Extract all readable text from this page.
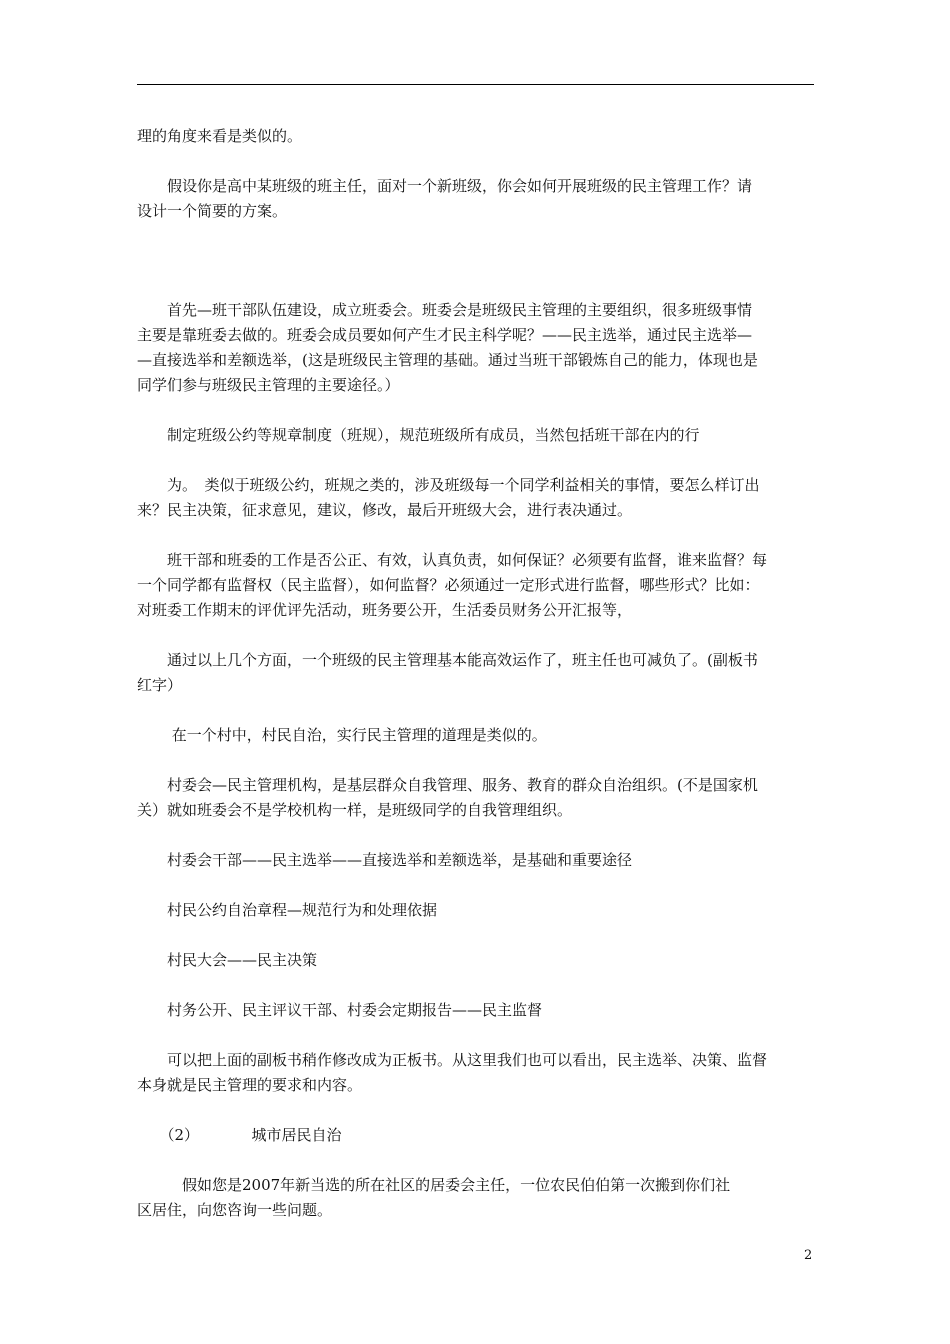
理的角度来看是类似的。

　　假设你是高中某班级的班主任，面对一个新班级，你会如何开展班级的民主管理工作？请

设计一个简要的方案。

　　首先—班干部队伍建设，成立班委会。班委会是班级民主管理的主要组织，很多班级事情

主要是靠班委去做的。班委会成员要如何产生才民主科学呢？——民主选举，通过民主选举—

—直接选举和差额选举，(这是班级民主管理的基础。通过当班干部锻炼自己的能力，体现也是

同学们参与班级民主管理的主要途径。）

　　制定班级公约等规章制度（班规），规范班级所有成员，当然包括班干部在内的行

　　为。　类似于班级公约，班规之类的，涉及班级每一个同学利益相关的事情，要怎么样订出

来？民主决策，征求意见，建议，修改，最后开班级大会，进行表决通过。

　　班干部和班委的工作是否公正、有效，认真负责，如何保证？必须要有监督，谁来监督？每

一个同学都有监督权（民主监督），如何监督？必须通过一定形式进行监督，哪些形式？比如：

对班委工作期末的评优评先活动，班务要公开，生活委员财务公开汇报等，

　　通过以上几个方面，一个班级的民主管理基本能高效运作了，班主任也可减负了。(副板书

红字）

　　 在一个村中，村民自治，实行民主管理的道理是类似的。

　　村委会—民主管理机构，是基层群众自我管理、服务、教育的群众自治组织。(不是国家机

关）就如班委会不是学校机构一样，是班级同学的自我管理组织。

　　村委会干部——民主选举——直接选举和差额选举，是基础和重要途径

　　村民公约自治章程—规范行为和处理依据

　　村民大会——民主决策

　　村务公开、民主评议干部、村委会定期报告——民主监督

　　可以把上面的副板书稍作修改成为正板书。从这里我们也可以看出，民主选举、决策、监督

本身就是民主管理的要求和内容。

　　（2）　　　　城市居民自治

　　　假如您是2007年新当选的所在社区的居委会主任，一位农民伯伯第一次搬到你们社

区居住，向您咨询一些问题。

2
